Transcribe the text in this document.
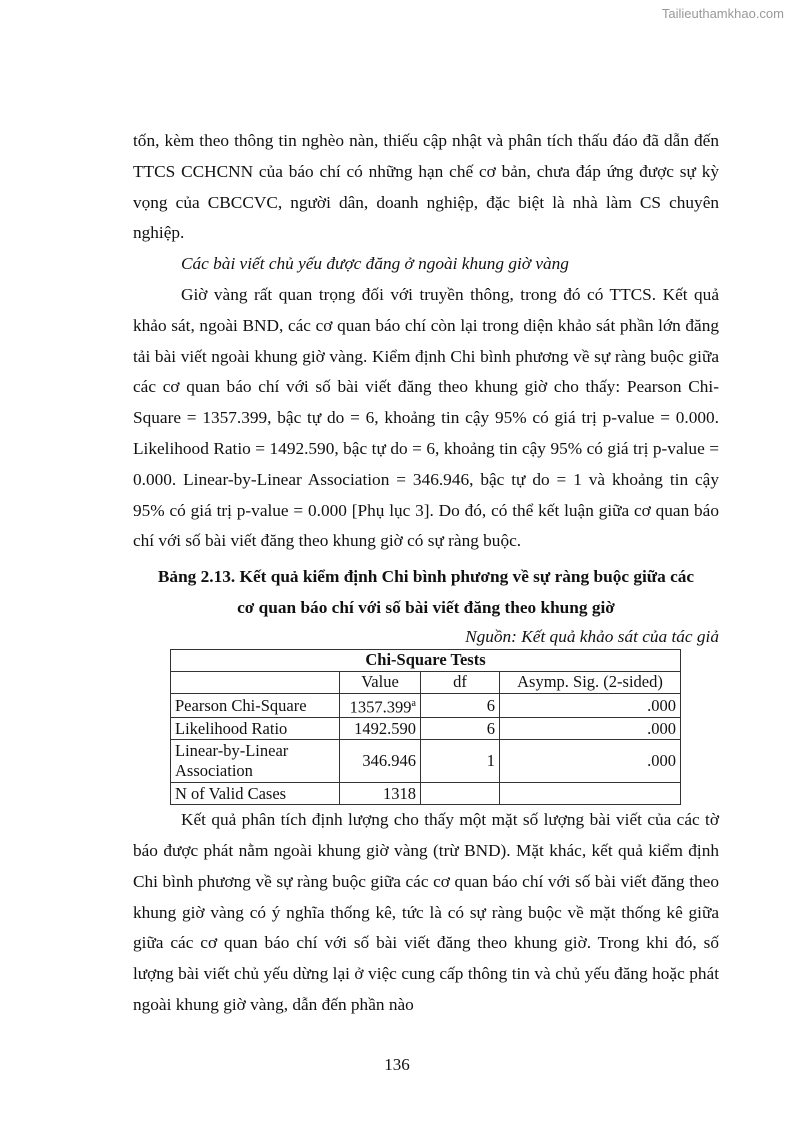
Tailieuthamkhao.com

tốn, kèm theo thông tin nghèo nàn, thiếu cập nhật và phân tích thấu đáo đã dẫn đến TTCS CCHCNN của báo chí có những hạn chế cơ bản, chưa đáp ứng được sự kỳ vọng của CBCCVC, người dân, doanh nghiệp, đặc biệt là nhà làm CS chuyên nghiệp.

Các bài viết chủ yếu được đăng ở ngoài khung giờ vàng

Giờ vàng rất quan trọng đối với truyền thông, trong đó có TTCS. Kết quả khảo sát, ngoài BND, các cơ quan báo chí còn lại trong diện khảo sát phần lớn đăng tải bài viết ngoài khung giờ vàng. Kiểm định Chi bình phương về sự ràng buộc giữa các cơ quan báo chí với số bài viết đăng theo khung giờ cho thấy: Pearson Chi-Square = 1357.399, bậc tự do = 6, khoảng tin cậy 95% có giá trị p-value = 0.000. Likelihood Ratio = 1492.590, bậc tự do = 6, khoảng tin cậy 95% có giá trị p-value = 0.000. Linear-by-Linear Association = 346.946, bậc tự do = 1 và khoảng tin cậy 95% có giá trị p-value = 0.000 [Phụ lục 3]. Do đó, có thể kết luận giữa cơ quan báo chí với số bài viết đăng theo khung giờ có sự ràng buộc.

Bảng 2.13. Kết quả kiểm định Chi bình phương về sự ràng buộc giữa các
cơ quan báo chí với số bài viết đăng theo khung giờ
Nguồn: Kết quả khảo sát của tác giả
Chi-Square Tests			
	Value	df	Asymp. Sig. (2-sided)
Pearson Chi-Square	1357.399$^a$	6	.000
Likelihood Ratio	1492.590	6	.000

Linear-by-Linear
Association	346.946	1	.000
N of Valid Cases	1318		

Kết quả phân tích định lượng cho thấy một mặt số lượng bài viết của các tờ báo được phát nằm ngoài khung giờ vàng (trừ BND). Mặt khác, kết quả kiểm định Chi bình phương về sự ràng buộc giữa các cơ quan báo chí với số bài viết đăng theo khung giờ vàng có ý nghĩa thống kê, tức là có sự ràng buộc về mặt thống kê giữa giữa các cơ quan báo chí với số bài viết đăng theo khung giờ. Trong khi đó, số lượng bài viết chủ yếu dừng lại ở việc cung cấp thông tin và chủ yếu đăng hoặc phát ngoài khung giờ vàng, dẫn đến phần nào

136
